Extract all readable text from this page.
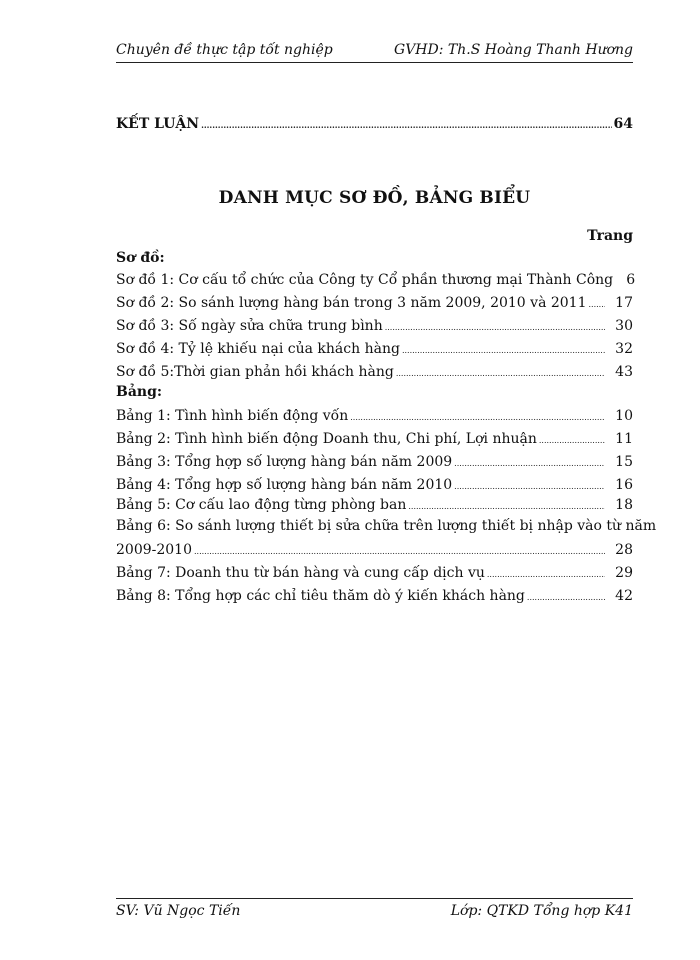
Chuyên đề thực tập tốt nghiệp	GVHD: Th.S Hoàng Thanh Hương
KẾT LUẬN .....	64
DANH MỤC SƠ ĐỒ, BẢNG BIỂU
Trang
Sơ đồ:
Sơ đồ 1: Cơ cấu tổ chức của Công ty Cổ phần thương mại Thành Công 6
Sơ đồ 2: So sánh lượng hàng bán trong 3 năm 2009, 2010 và 2011 ..... 17
Sơ đồ 3: Số ngày sửa chữa trung bình .....	30
Sơ đồ 4: Tỷ lệ khiếu nại của khách hàng .....	32
Sơ đồ 5:Thời gian phản hồi khách hàng .....	43
Bảng:
Bảng 1: Tình hình biến động vốn .....	10
Bảng 2: Tình hình biến động Doanh thu, Chi phí, Lợi nhuận .....	11
Bảng 3: Tổng hợp số lượng hàng bán năm 2009 .....	15
Bảng 4: Tổng hợp số lượng hàng bán năm 2010 .....	16
Bảng 5: Cơ cấu lao động từng phòng ban .....	18
Bảng 6: So sánh lượng thiết bị sửa chữa trên lượng thiết bị nhập vào từ năm
2009-2010 .....	28
Bảng 7: Doanh thu từ bán hàng và cung cấp dịch vụ .....	29
Bảng 8: Tổng hợp các chỉ tiêu thăm dò ý kiến khách hàng .....	42
SV: Vũ Ngọc Tiến	Lớp: QTKD Tổng hợp K41
